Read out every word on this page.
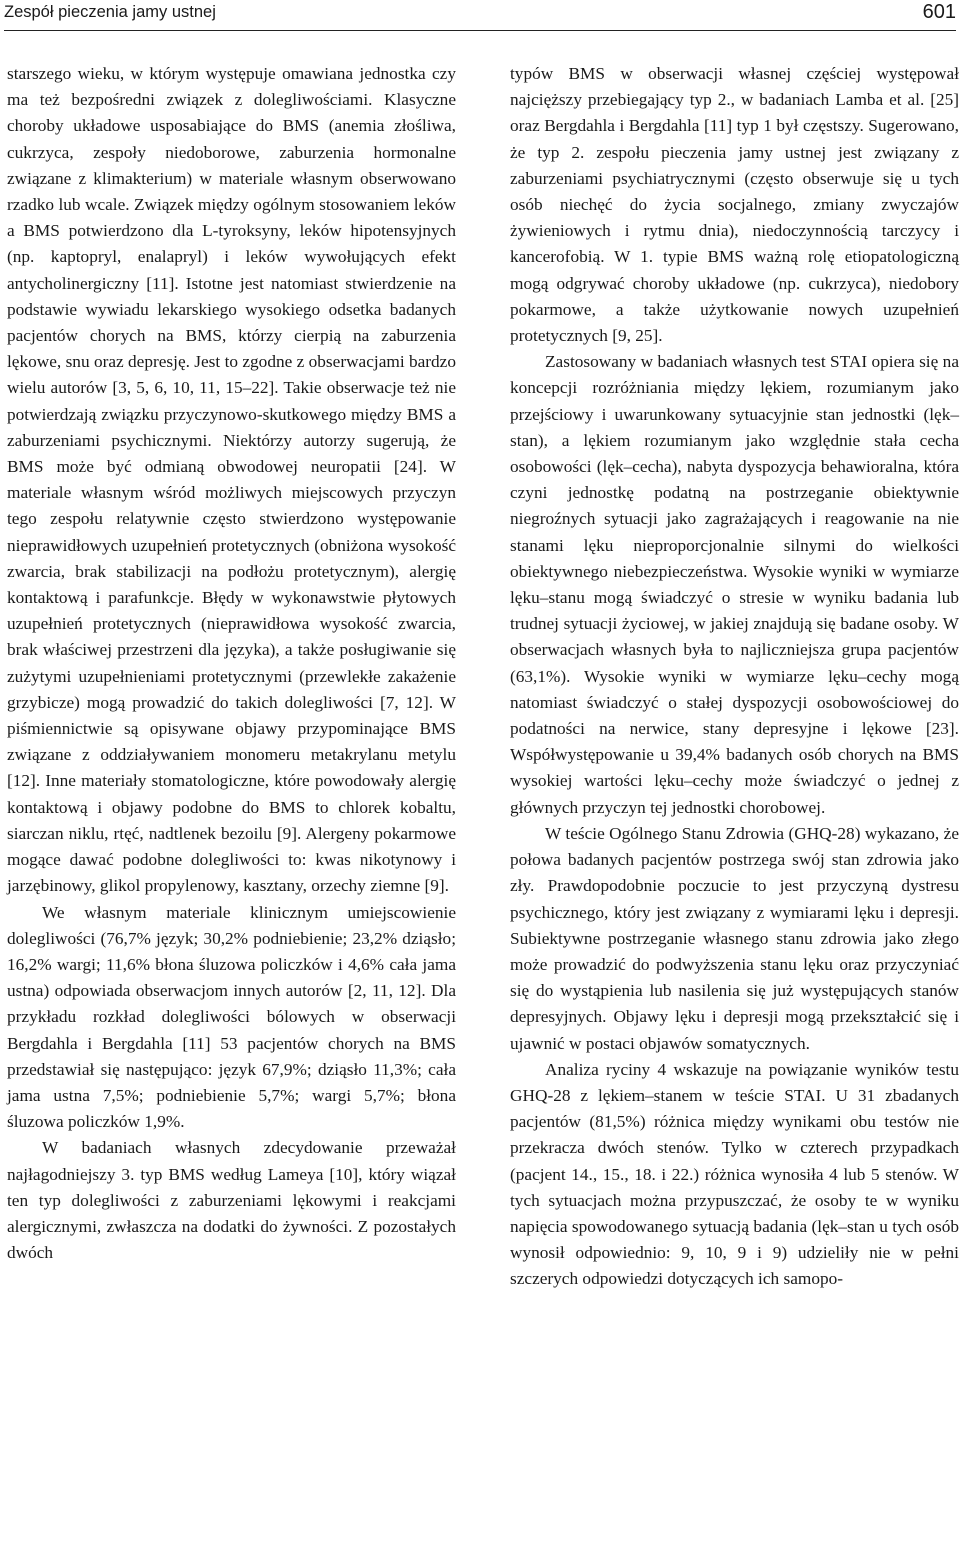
Zespół pieczenia jamy ustnej	601

starszego wieku, w którym występuje omawiana jednostka czy ma też bezpośredni związek z dolegliwościami. Klasyczne choroby układowe usposabiające do BMS (anemia złośliwa, cukrzyca, zespoły niedoborowe, zaburzenia hormonalne związane z klimakterium) w materiale własnym obserwowano rzadko lub wcale. Związek między ogólnym stosowaniem leków a BMS potwierdzono dla L-tyroksyny, leków hipotensyjnych (np. kaptopryl, enalapryl) i leków wywołujących efekt antycholinergiczny [11]. Istotne jest natomiast stwierdzenie na podstawie wywiadu lekarskiego wysokiego odsetka badanych pacjentów chorych na BMS, którzy cierpią na zaburzenia lękowe, snu oraz depresję. Jest to zgodne z obserwacjami bardzo wielu autorów [3, 5, 6, 10, 11, 15–22]. Takie obserwacje też nie potwierdzają związku przyczynowo-skutkowego między BMS a zaburzeniami psychicznymi. Niektórzy autorzy sugerują, że BMS może być odmianą obwodowej neuropatii [24]. W materiale własnym wśród możliwych miejscowych przyczyn tego zespołu relatywnie często stwierdzono występowanie nieprawidłowych uzupełnień protetycznych (obniżona wysokość zwarcia, brak stabilizacji na podłożu protetycznym), alergię kontaktową i parafunkcje. Błędy w wykonawstwie płytowych uzupełnień protetycznych (nieprawidłowa wysokość zwarcia, brak właściwej przestrzeni dla języka), a także posługiwanie się zużytymi uzupełnieniami protetycznymi (przewlekłe zakażenie grzybicze) mogą prowadzić do takich dolegliwości [7, 12]. W piśmiennictwie są opisywane objawy przypominające BMS związane z oddziaływaniem monomeru metakrylanu metylu [12]. Inne materiały stomatologiczne, które powodowały alergię kontaktową i objawy podobne do BMS to chlorek kobaltu, siarczan niklu, rtęć, nadtlenek bezoilu [9]. Alergeny pokarmowe mogące dawać podobne dolegliwości to: kwas nikotynowy i jarzębinowy, glikol propylenowy, kasztany, orzechy ziemne [9].

We własnym materiale klinicznym umiejscowienie dolegliwości (76,7% język; 30,2% podniebienie; 23,2% dziąsło; 16,2% wargi; 11,6% błona śluzowa policzków i 4,6% cała jama ustna) odpowiada obserwacjom innych autorów [2, 11, 12]. Dla przykładu rozkład dolegliwości bólowych w obserwacji Bergdahla i Bergdahla [11] 53 pacjentów chorych na BMS przedstawiał się następująco: język 67,9%; dziąsło 11,3%; cała jama ustna 7,5%; podniebienie 5,7%; wargi 5,7%; błona śluzowa policzków 1,9%.

W badaniach własnych zdecydowanie przeważał najłagodniejszy 3. typ BMS według Lameya [10], który wiązał ten typ dolegliwości z zaburzeniami lękowymi i reakcjami alergicznymi, zwłaszcza na dodatki do żywności. Z pozostałych dwóch

typów BMS w obserwacji własnej częściej występował najcięższy przebiegający typ 2., w badaniach Lamba et al. [25] oraz Bergdahla i Bergdahla [11] typ 1 był częstszy. Sugerowano, że typ 2. zespołu pieczenia jamy ustnej jest związany z zaburzeniami psychiatrycznymi (często obserwuje się u tych osób niechęć do życia socjalnego, zmiany zwyczajów żywieniowych i rytmu dnia), niedoczynnością tarczycy i kancerofobią. W 1. typie BMS ważną rolę etiopatologiczną mogą odgrywać choroby układowe (np. cukrzyca), niedobory pokarmowe, a także użytkowanie nowych uzupełnień protetycznych [9, 25].

Zastosowany w badaniach własnych test STAI opiera się na koncepcji rozróżniania między lękiem, rozumianym jako przejściowy i uwarunkowany sytuacyjnie stan jednostki (lęk–stan), a lękiem rozumianym jako względnie stała cecha osobowości (lęk–cecha), nabyta dyspozycja behawioralna, która czyni jednostkę podatną na postrzeganie obiektywnie niegroźnych sytuacji jako zagrażających i reagowanie na nie stanami lęku nieproporcjonalnie silnymi do wielkości obiektywnego niebezpieczeństwa. Wysokie wyniki w wymiarze lęku–stanu mogą świadczyć o stresie w wyniku badania lub trudnej sytuacji życiowej, w jakiej znajdują się badane osoby. W obserwacjach własnych była to najliczniejsza grupa pacjentów (63,1%). Wysokie wyniki w wymiarze lęku–cechy mogą natomiast świadczyć o stałej dyspozycji osobowościowej do podatności na nerwice, stany depresyjne i lękowe [23]. Współwystępowanie u 39,4% badanych osób chorych na BMS wysokiej wartości lęku–cechy może świadczyć o jednej z głównych przyczyn tej jednostki chorobowej.

W teście Ogólnego Stanu Zdrowia (GHQ-28) wykazano, że połowa badanych pacjentów postrzega swój stan zdrowia jako zły. Prawdopodobnie poczucie to jest przyczyną dystresu psychicznego, który jest związany z wymiarami lęku i depresji. Subiektywne postrzeganie własnego stanu zdrowia jako złego może prowadzić do podwyższenia stanu lęku oraz przyczyniać się do wystąpienia lub nasilenia się już występujących stanów depresyjnych. Objawy lęku i depresji mogą przekształcić się i ujawnić w postaci objawów somatycznych.

Analiza ryciny 4 wskazuje na powiązanie wyników testu GHQ-28 z lękiem–stanem w teście STAI. U 31 zbadanych pacjentów (81,5%) różnica między wynikami obu testów nie przekracza dwóch stenów. Tylko w czterech przypadkach (pacjent 14., 15., 18. i 22.) różnica wynosiła 4 lub 5 stenów. W tych sytuacjach można przypuszczać, że osoby te w wyniku napięcia spowodowanego sytuacją badania (lęk–stan u tych osób wynosił odpowiednio: 9, 10, 9 i 9) udzieliły nie w pełni szczerych odpowiedzi dotyczących ich samopo-
